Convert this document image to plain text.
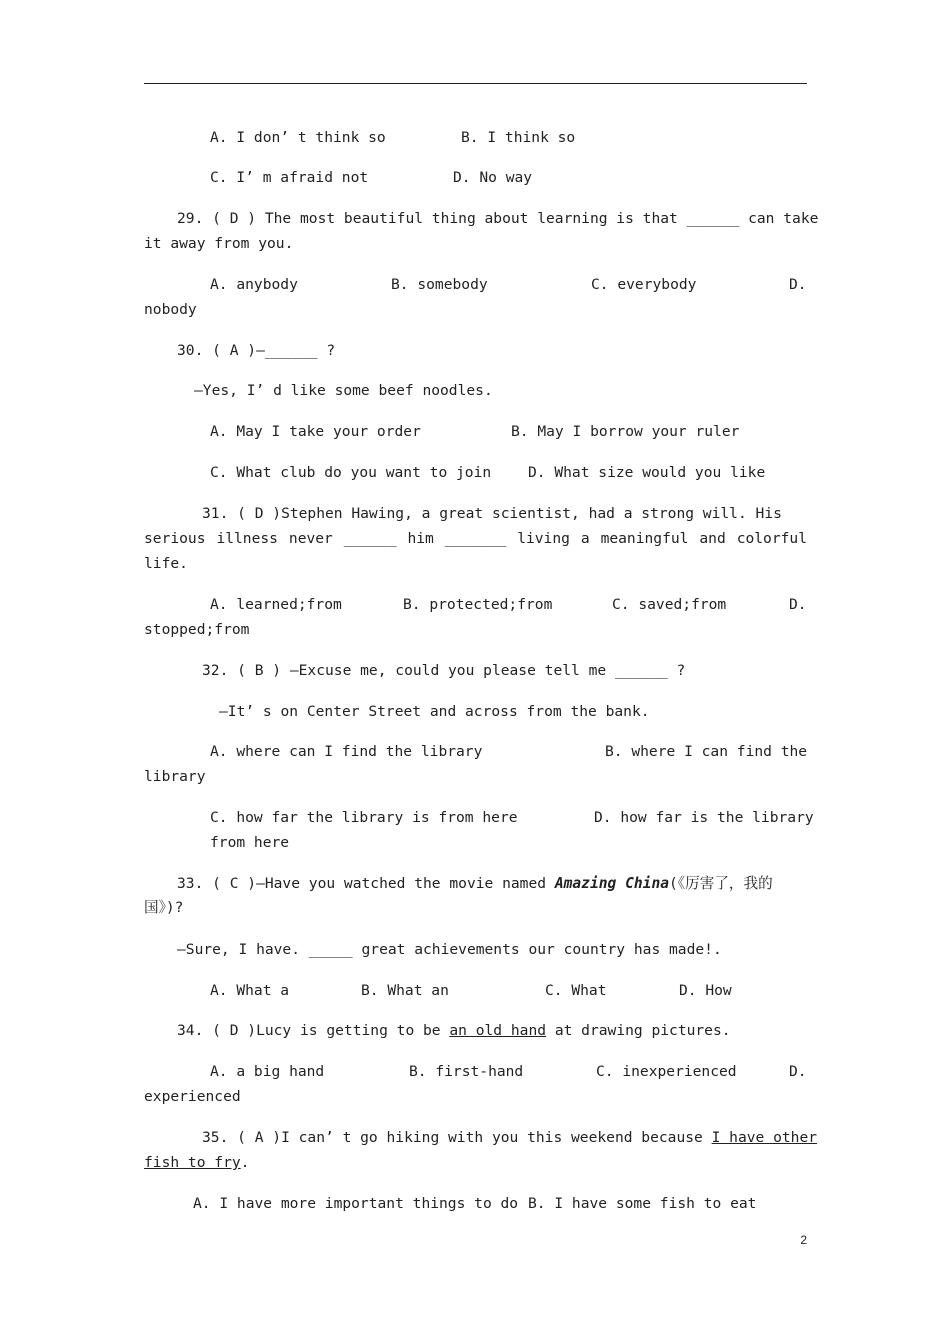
A. I don’ t think so	B. I think so
C. I’ m afraid not	D. No way
29. ( D ) The most beautiful thing about learning is that ______ can take
it away from you.
A. anybody	B. somebody	C. everybody	D.
nobody
30. ( A )—______ ?
—Yes, I’ d like some beef noodles.
A. May I take your order	B. May I borrow your ruler
C. What club do you want to join	D. What size would you like
31. ( D )Stephen Hawing, a great scientist, had a strong will. His
serious illness never ______ him _______ living a meaningful and colorful
life.
A. learned;from	B. protected;from	C. saved;from	D.
stopped;from
32. ( B ) —Excuse me, could you please tell me ______ ?
—It’ s on Center Street and across from the bank.
A. where can I find the library	B. where I can find the
library
C. how far the library is from here	D. how far is the library
from here
33. ( C )—Have you watched the movie named Amazing China(《厉害了，我的
国》)?
—Sure, I have. _____ great achievements our country has made!.
A. What a	B. What an	C. What	D. How
34. ( D )Lucy is getting to be an old hand at drawing pictures.
A. a big hand	B. first-hand	C. inexperienced	D.
experienced
35. ( A )I can’ t go hiking with you this weekend because I have other
fish to fry.
A. I have more important things to do B. I have some fish to eat
2
